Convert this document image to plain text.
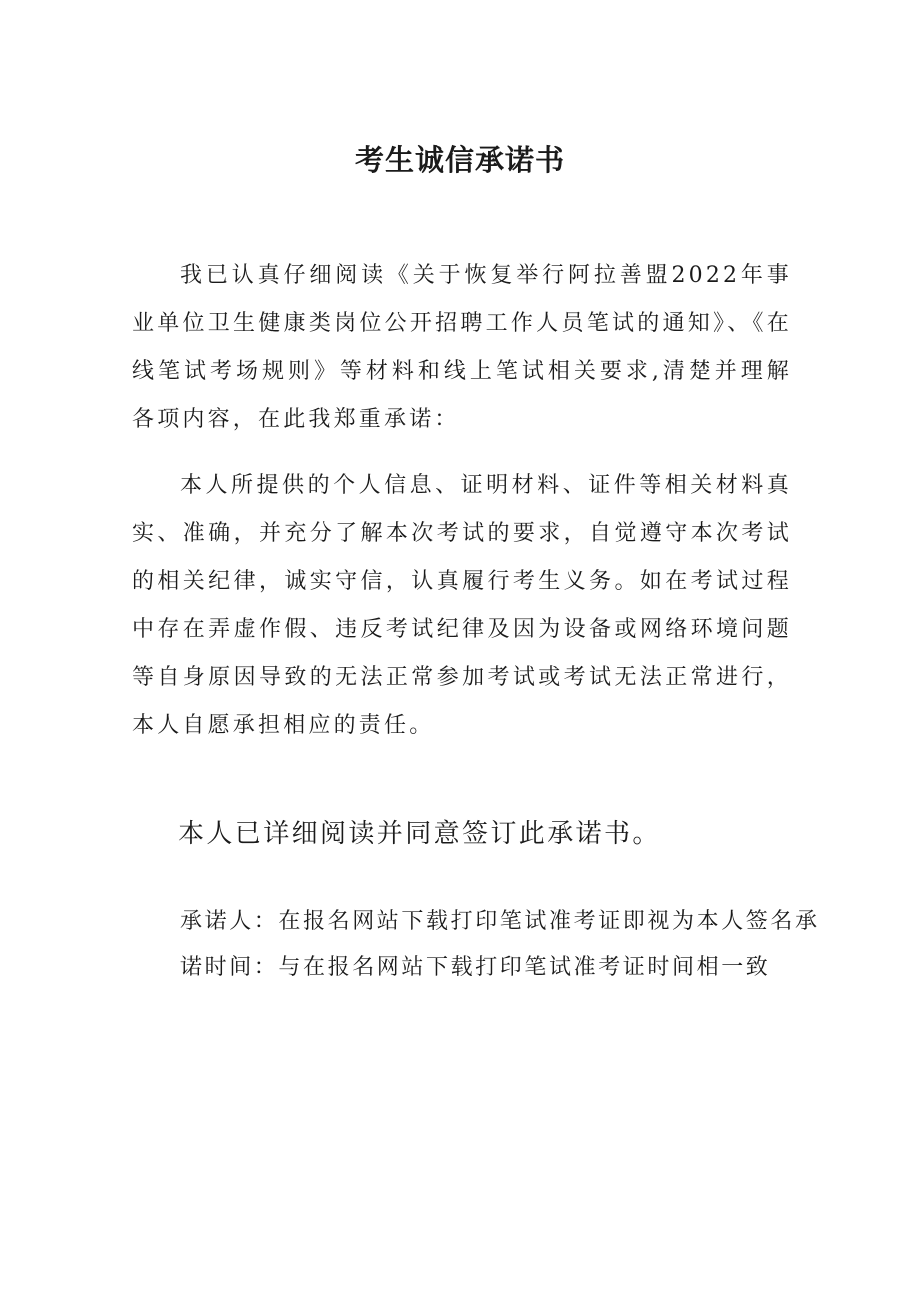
考生诚信承诺书

我已认真仔细阅读《关于恢复举行阿拉善盟2022年事业单位卫生健康类岗位公开招聘工作人员笔试的通知》、《在线笔试考场规则》等材料和线上笔试相关要求,清楚并理解各项内容，在此我郑重承诺：

本人所提供的个人信息、证明材料、证件等相关材料真实、准确，并充分了解本次考试的要求，自觉遵守本次考试的相关纪律，诚实守信，认真履行考生义务。如在考试过程中存在弄虚作假、违反考试纪律及因为设备或网络环境问题等自身原因导致的无法正常参加考试或考试无法正常进行，本人自愿承担相应的责任。

本人已详细阅读并同意签订此承诺书。
承诺人：在报名网站下载打印笔试准考证即视为本人签名承
诺时间：与在报名网站下载打印笔试准考证时间相一致
